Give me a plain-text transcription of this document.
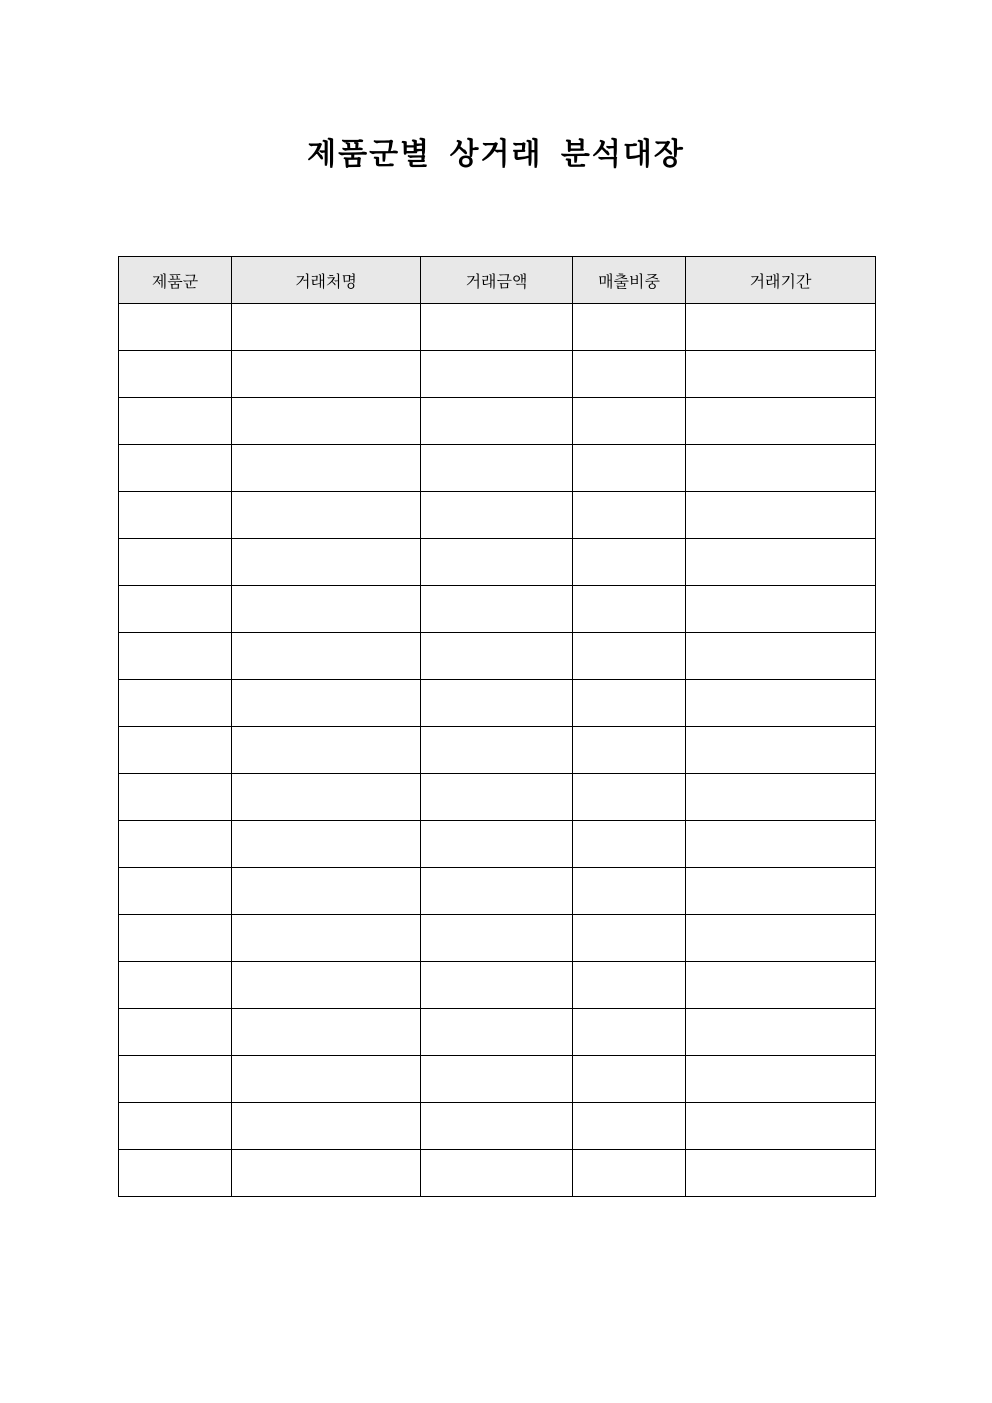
제품군별 상거래 분석대장
제품군	거래처명	거래금액	매출비중	거래기간
